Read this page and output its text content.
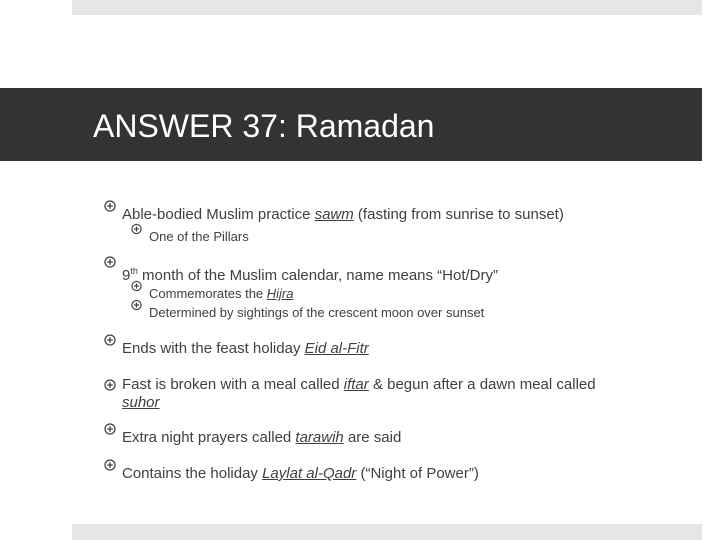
ANSWER 37: Ramadan
Able-bodied Muslim practice sawm (fasting from sunrise to sunset)
One of the Pillars
9th month of the Muslim calendar, name means “Hot/Dry”
Commemorates the Hijra
Determined by sightings of the crescent moon over sunset
Ends with the feast holiday Eid al-Fitr
Fast is broken with a meal called iftar & begun after a dawn meal called
suhor
Extra night prayers called tarawih are said
Contains the holiday Laylat al-Qadr (“Night of Power”)
